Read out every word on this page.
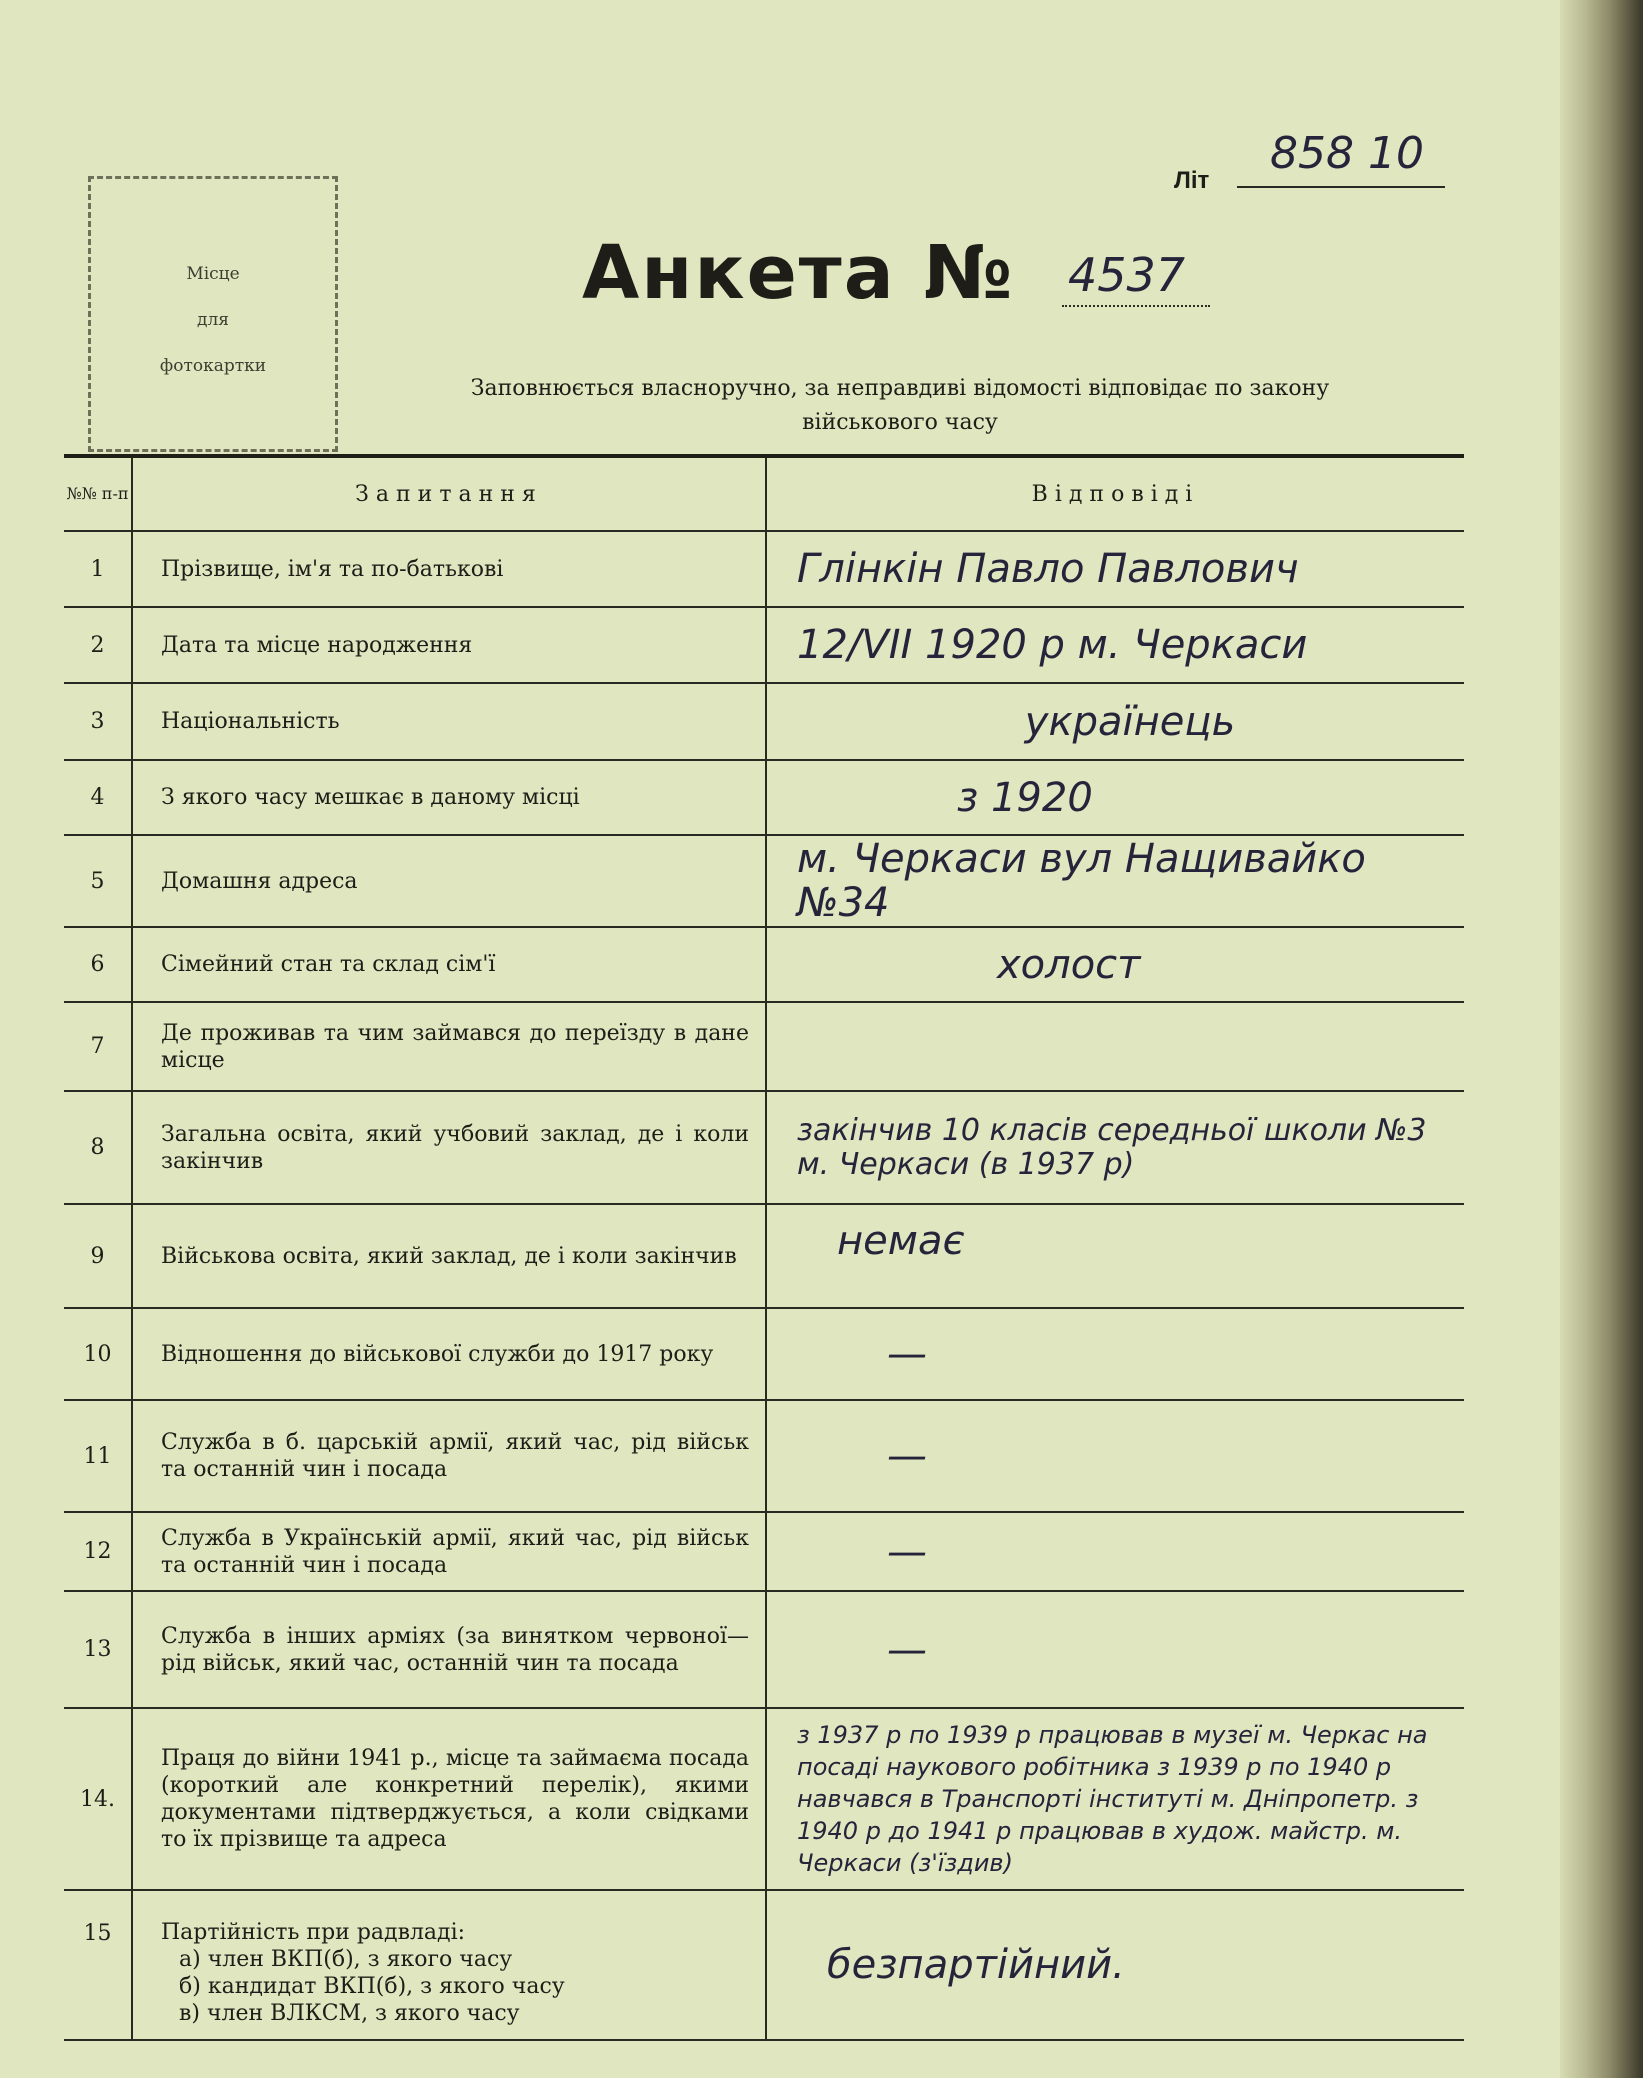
Місце
для
фотокартки
Літ
858 10
Анкета № 4537
Заповнюється власноручно, за неправдиві відомості відповідає по закону
військового часу
№№ п-п	Запитання	Відповіді
1	Прізвище, ім'я та по-батькові	Глінкін Павло Павлович
2	Дата та місце народження	12/VII 1920 р м. Черкаси
3	Національність	українець
4	З якого часу мешкає в даному місці	з 1920
5	Домашня адреса	м. Черкаси вул Нащивайко №34
6	Сімейний стан та склад сім'ї	холост
7	Де проживав та чим займався до переїзду в дане місце	
8	Загальна освіта, який учбовий заклад, де і коли закінчив	закінчив 10 класів середньої школи №3 м. Черкаси (в 1937 р)
9	Військова освіта, який заклад, де і коли закінчив	немає
10	Відношення до військової служби до 1917 року	—
11	Служба в б. царській армії, який час, рід військ та останній чин і посада	—
12	Служба в Українській армії, який час, рід військ та останній чин і посада	—
13	Служба в інших арміях (за винятком червоної—рід військ, який час, останній чин та посада	—
14.	Праця до війни 1941 р., місце та займаєма посада (короткий але конкретний перелік), якими документами підтверджується, а коли свідками то їх прізвище та адреса	з 1937 р по 1939 р працював в музеї м. Черкас на посаді наукового робітника з 1939 р по 1940 р навчався в Транспорті інституті м. Дніпропетр. з 1940 р до 1941 р працював в худож. майстр. м. Черкаси (з'їздив)
15	Партійність при радвладі:
а) член ВКП(б), з якого часу
б) кандидат ВКП(б), з якого часу
в) член ВЛКСМ, з якого часу	безпартійний.
